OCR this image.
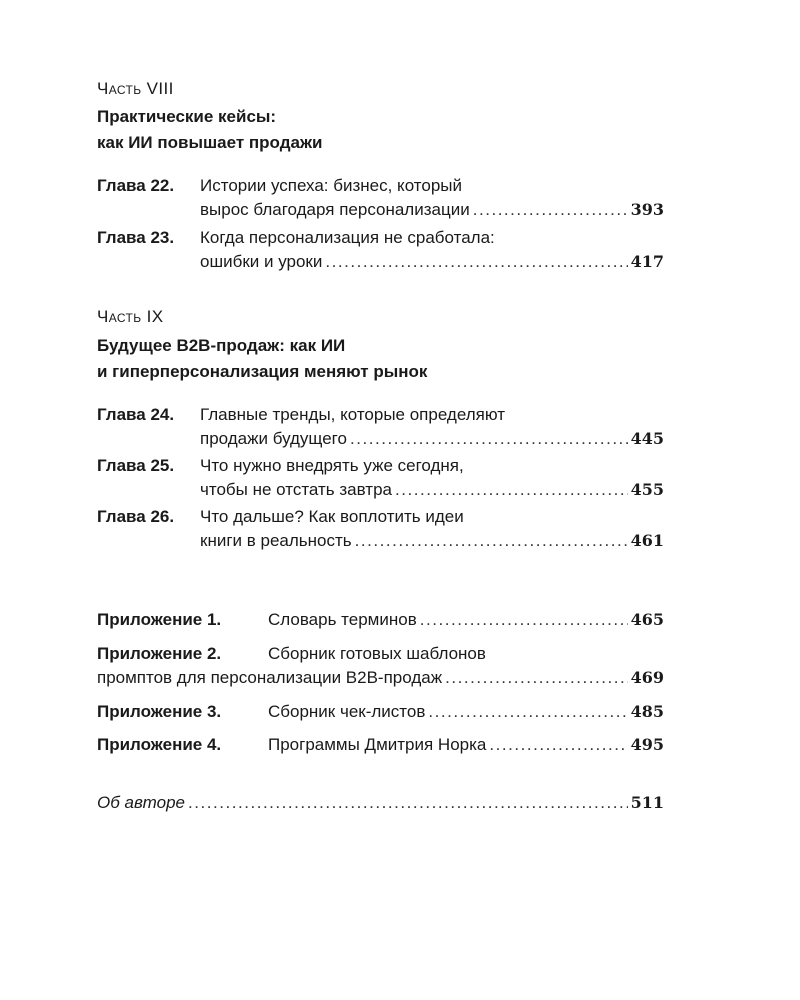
Часть VIII
Практические кейсы:
как ИИ повышает продажи
Глава 22. Истории успеха: бизнес, который
вырос благодаря персонализации . . .	393
Глава 23. Когда персонализация не сработала:
ошибки и уроки . . .	417
Часть IX
Будущее B2B-продаж: как ИИ
и гиперперсонализация меняют рынок
Глава 24. Главные тренды, которые определяют
продажи будущего . . .	445
Глава 25. Что нужно внедрять уже сегодня,
чтобы не отстать завтра . . .	455
Глава 26. Что дальше? Как воплотить идеи
книги в реальность . . .	461
Приложение 1.	Словарь терминов . . .	465
Приложение 2.	Сборник готовых шаблонов
промптов для персонализации B2B-продаж . . .	469
Приложение 3.	Сборник чек-листов . . .	485
Приложение 4.	Программы Дмитрия Норка . . .	495
Об авторе . . .	511
